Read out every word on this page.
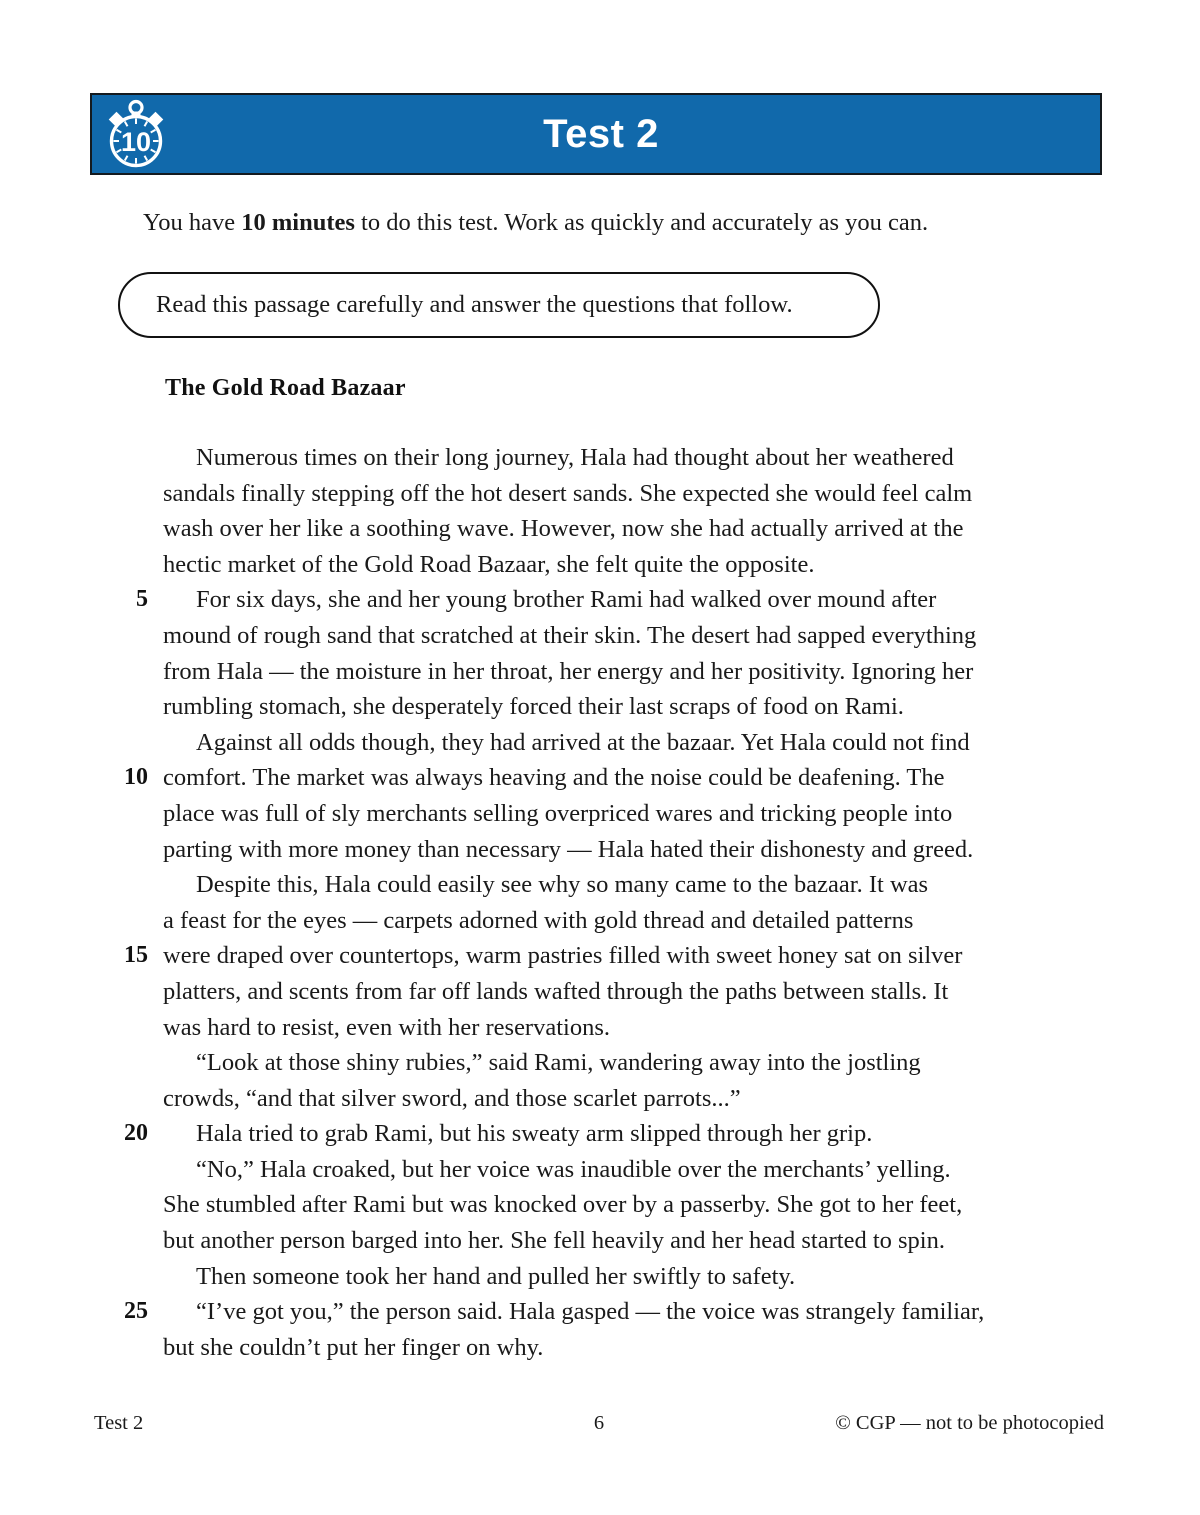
Test 2
10
You have 10 minutes to do this test. Work as quickly and accurately as you can.
Read this passage carefully and answer the questions that follow.
The Gold Road Bazaar
Numerous times on their long journey, Hala had thought about her weathered
sandals finally stepping off the hot desert sands. She expected she would feel calm
wash over her like a soothing wave. However, now she had actually arrived at the
hectic market of the Gold Road Bazaar, she felt quite the opposite.
5 For six days, she and her young brother Rami had walked over mound after
mound of rough sand that scratched at their skin. The desert had sapped everything
from Hala — the moisture in her throat, her energy and her positivity. Ignoring her
rumbling stomach, she desperately forced their last scraps of food on Rami.
Against all odds though, they had arrived at the bazaar. Yet Hala could not find
10 comfort. The market was always heaving and the noise could be deafening. The
place was full of sly merchants selling overpriced wares and tricking people into
parting with more money than necessary — Hala hated their dishonesty and greed.
Despite this, Hala could easily see why so many came to the bazaar. It was
a feast for the eyes — carpets adorned with gold thread and detailed patterns
15 were draped over countertops, warm pastries filled with sweet honey sat on silver
platters, and scents from far off lands wafted through the paths between stalls. It
was hard to resist, even with her reservations.
“Look at those shiny rubies,” said Rami, wandering away into the jostling
crowds, “and that silver sword, and those scarlet parrots...”
20 Hala tried to grab Rami, but his sweaty arm slipped through her grip.
“No,” Hala croaked, but her voice was inaudible over the merchants’ yelling.
She stumbled after Rami but was knocked over by a passerby. She got to her feet,
but another person barged into her. She fell heavily and her head started to spin.
Then someone took her hand and pulled her swiftly to safety.
25 “I’ve got you,” the person said. Hala gasped — the voice was strangely familiar,
but she couldn’t put her finger on why.
Test 2	6	© CGP — not to be photocopied
